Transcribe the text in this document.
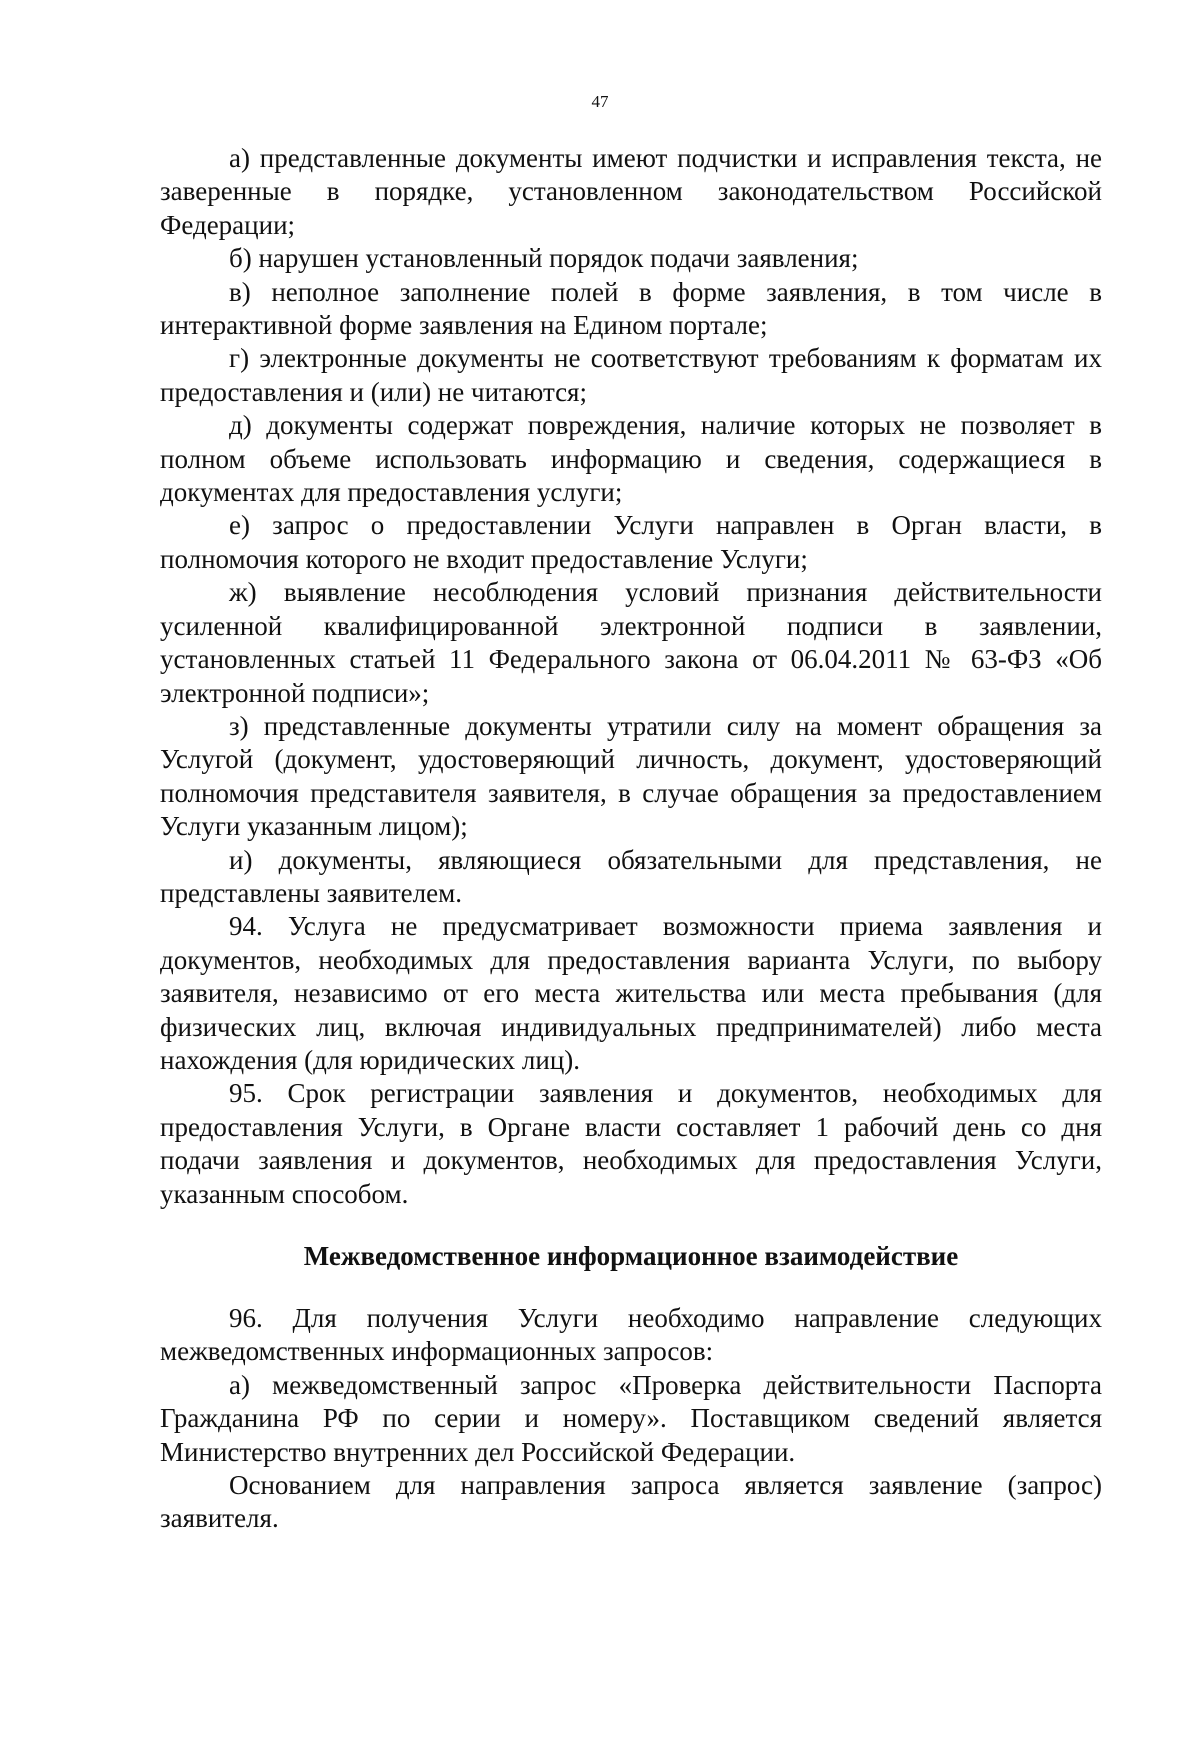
47

а) представленные документы имеют подчистки и исправления текста, не заверенные в порядке, установленном законодательством Российской Федерации;

б) нарушен установленный порядок подачи заявления;

в) неполное заполнение полей в форме заявления, в том числе в интерактивной форме заявления на Едином портале;

г) электронные документы не соответствуют требованиям к форматам их предоставления и (или) не читаются;

д) документы содержат повреждения, наличие которых не позволяет в полном объеме использовать информацию и сведения, содержащиеся в документах для предоставления услуги;

е) запрос о предоставлении Услуги направлен в Орган власти, в полномочия которого не входит предоставление Услуги;

ж) выявление несоблюдения условий признания действительности усиленной квалифицированной электронной подписи в заявлении, установленных статьей 11 Федерального закона от 06.04.2011 № 63-ФЗ «Об электронной подписи»;

з) представленные документы утратили силу на момент обращения за Услугой (документ, удостоверяющий личность, документ, удостоверяющий полномочия представителя заявителя, в случае обращения за предоставлением Услуги указанным лицом);

и) документы, являющиеся обязательными для представления, не представлены заявителем.

94. Услуга не предусматривает возможности приема заявления и документов, необходимых для предоставления варианта Услуги, по выбору заявителя, независимо от его места жительства или места пребывания (для физических лиц, включая индивидуальных предпринимателей) либо места нахождения (для юридических лиц).

95. Срок регистрации заявления и документов, необходимых для предоставления Услуги, в Органе власти составляет 1 рабочий день со дня подачи заявления и документов, необходимых для предоставления Услуги, указанным способом.

Межведомственное информационное взаимодействие

96. Для получения Услуги необходимо направление следующих межведомственных информационных запросов:

а) межведомственный запрос «Проверка действительности Паспорта Гражданина РФ по серии и номеру». Поставщиком сведений является Министерство внутренних дел Российской Федерации.

Основанием для направления запроса является заявление (запрос) заявителя.
